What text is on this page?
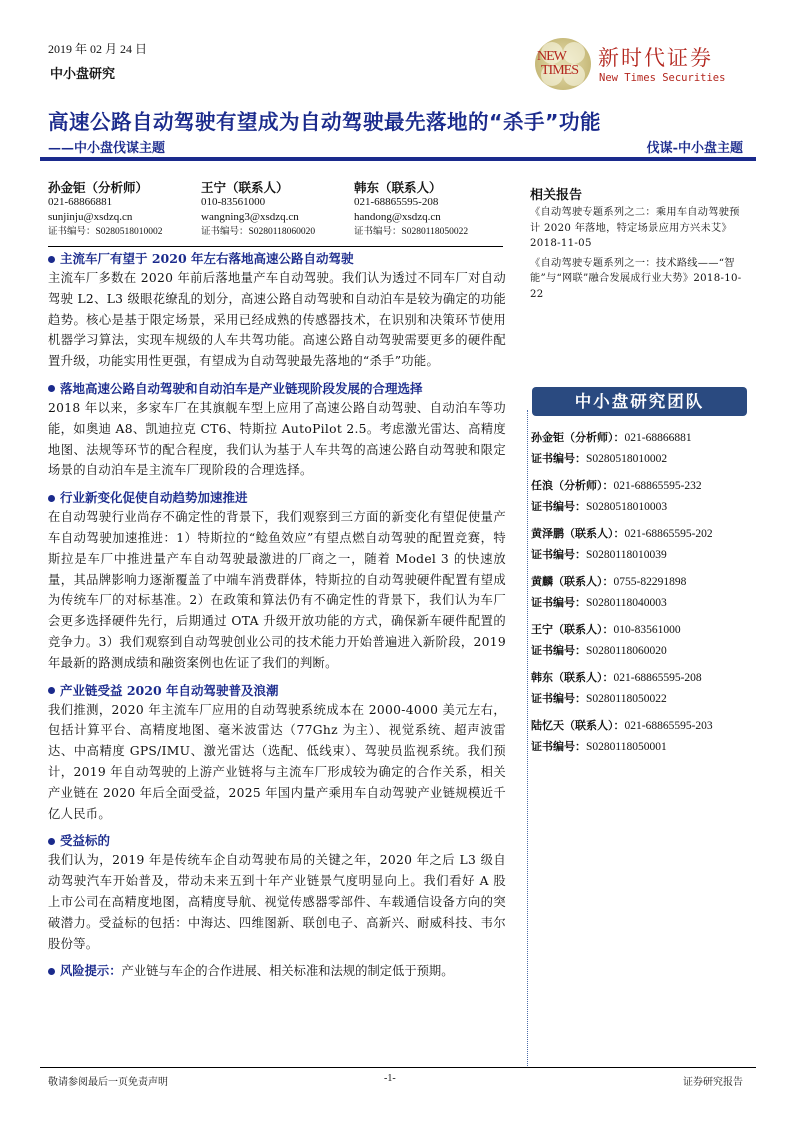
2019 年 02 月 24 日
中小盘研究
NEW
TIMES
新时代证券
New Times Securities
高速公路自动驾驶有望成为自动驾驶最先落地的“杀手”功能
——中小盘伐谋主题	伐谋-中小盘主题
孙金钜（分析师）
021-68866881
sunjinju@xsdzq.cn
证书编号：S0280518010002
王宁（联系人）
010-83561000
wangning3@xsdzq.cn
证书编号：S0280118060020
韩东（联系人）
021-68865595-208
handong@xsdzq.cn
证书编号：S0280118050022
主流车厂有望于 2020 年左右落地高速公路自动驾驶
主流车厂多数在 2020 年前后落地量产车自动驾驶。我们认为透过不同车厂对自动驾驶 L2、L3 级眼花缭乱的划分，高速公路自动驾驶和自动泊车是较为确定的功能趋势。核心是基于限定场景，采用已经成熟的传感器技术，在识别和决策环节使用机器学习算法，实现车规级的人车共驾功能。高速公路自动驾驶需要更多的硬件配置升级，功能实用性更强，有望成为自动驾驶最先落地的“杀手”功能。
落地高速公路自动驾驶和自动泊车是产业链现阶段发展的合理选择
2018 年以来，多家车厂在其旗舰车型上应用了高速公路自动驾驶、自动泊车等功能，如奥迪 A8、凯迪拉克 CT6、特斯拉 AutoPilot 2.5。考虑激光雷达、高精度地图、法规等环节的配合程度，我们认为基于人车共驾的高速公路自动驾驶和限定场景的自动泊车是主流车厂现阶段的合理选择。
行业新变化促使自动趋势加速推进
在自动驾驶行业尚存不确定性的背景下，我们观察到三方面的新变化有望促使量产车自动驾驶加速推进：1）特斯拉的“鲶鱼效应”有望点燃自动驾驶的配置竞赛，特斯拉是车厂中推进量产车自动驾驶最激进的厂商之一，随着 Model 3 的快速放量，其品牌影响力逐渐覆盖了中端车消费群体，特斯拉的自动驾驶硬件配置有望成为传统车厂的对标基准。2）在政策和算法仍有不确定性的背景下，我们认为车厂会更多选择硬件先行，后期通过 OTA 升级开放功能的方式，确保新车硬件配置的竞争力。3）我们观察到自动驾驶创业公司的技术能力开始普遍进入新阶段，2019 年最新的路测成绩和融资案例也佐证了我们的判断。
产业链受益 2020 年自动驾驶普及浪潮
我们推测，2020 年主流车厂应用的自动驾驶系统成本在 2000-4000 美元左右，包括计算平台、高精度地图、毫米波雷达（77Ghz 为主）、视觉系统、超声波雷达、中高精度 GPS/IMU、激光雷达（选配、低线束）、驾驶员监视系统。我们预计，2019 年自动驾驶的上游产业链将与主流车厂形成较为确定的合作关系，相关产业链在 2020 年后全面受益，2025 年国内量产乘用车自动驾驶产业链规模近千亿人民币。
受益标的
我们认为，2019 年是传统车企自动驾驶布局的关键之年，2020 年之后 L3 级自动驾驶汽车开始普及，带动未来五到十年产业链景气度明显向上。我们看好 A 股上市公司在高精度地图，高精度导航、视觉传感器零部件、车载通信设备方向的突破潜力。受益标的包括：中海达、四维图新、联创电子、高新兴、耐威科技、韦尔股份等。
风险提示： 产业链与车企的合作进展、相关标准和法规的制定低于预期。
相关报告
《自动驾驶专题系列之二：乘用车自动驾驶预计 2020 年落地，特定场景应用方兴未艾》2018-11-05
《自动驾驶专题系列之一：技术路线——“智能”与“网联”融合发展成行业大势》2018-10-22
中小盘研究团队
孙金钜（分析师）：021-68866881
证书编号：S0280518010002
任浪（分析师）：021-68865595-232
证书编号：S0280518010003
黄泽鹏（联系人）：021-68865595-202
证书编号：S0280118010039
黄麟（联系人）：0755-82291898
证书编号：S0280118040003
王宁（联系人）：010-83561000
证书编号：S0280118060020
韩东（联系人）：021-68865595-208
证书编号：S0280118050022
陆忆天（联系人）：021-68865595-203
证书编号：S0280118050001
敬请参阅最后一页免责声明	-1-	证券研究报告
